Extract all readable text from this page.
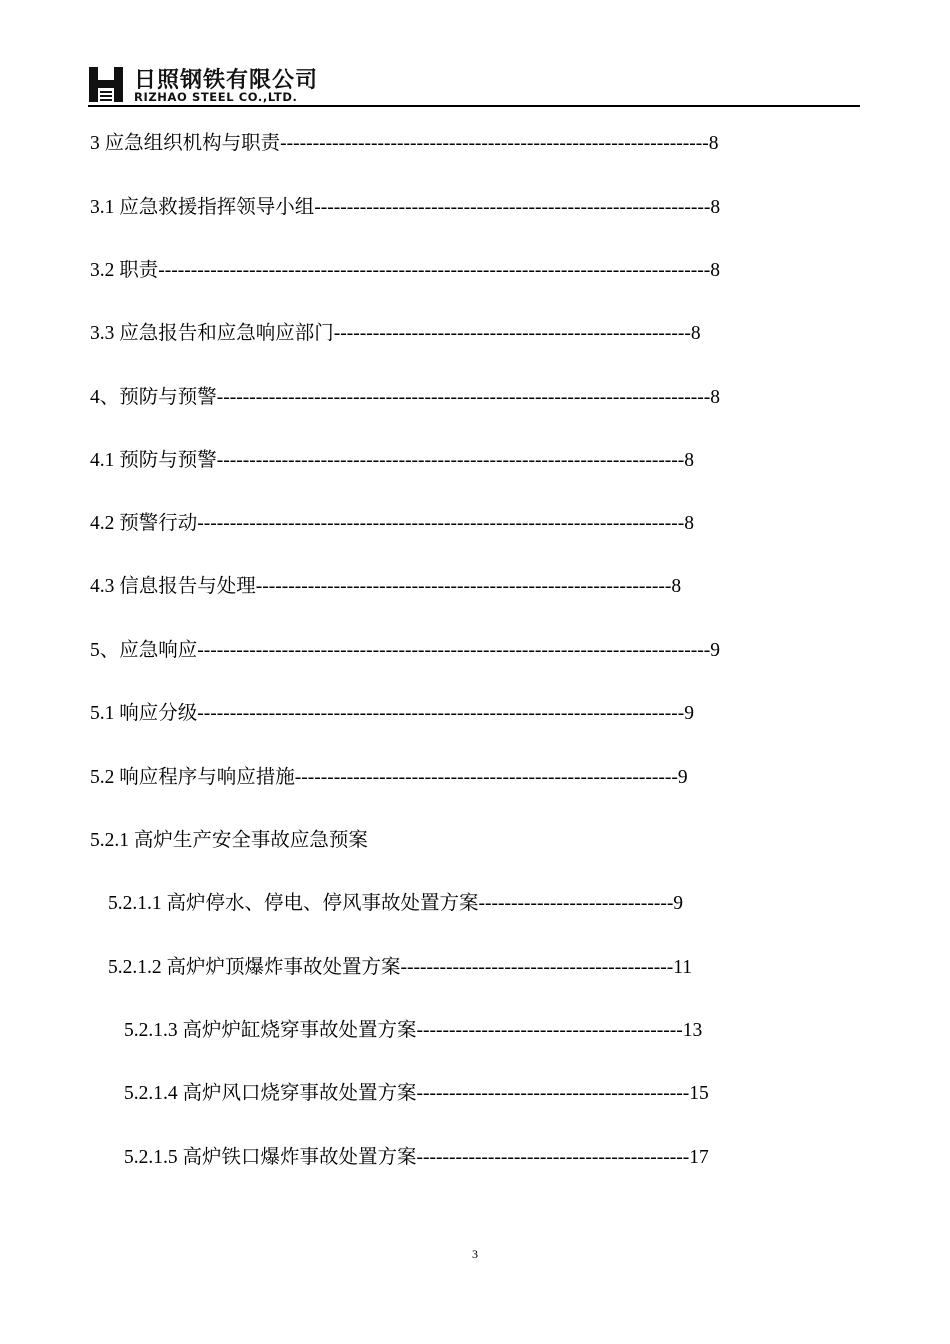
日照钢铁有限公司
RIZHAO STEEL CO.,LTD.
3 应急组织机构与职责------------------------------------------------------------------8
3.1 应急救援指挥领导小组-------------------------------------------------------------8
3.2 职责-------------------------------------------------------------------------------------8
3.3 应急报告和应急响应部门-------------------------------------------------------8
4、预防与预警----------------------------------------------------------------------------8
4.1 预防与预警------------------------------------------------------------------------8
4.2 预警行动---------------------------------------------------------------------------8
4.3 信息报告与处理----------------------------------------------------------------8
5、应急响应-------------------------------------------------------------------------------9
5.1 响应分级---------------------------------------------------------------------------9
5.2 响应程序与响应措施-----------------------------------------------------------9
5.2.1 高炉生产安全事故应急预案
5.2.1.1 高炉停水、停电、停风事故处置方案------------------------------9
5.2.1.2 高炉炉顶爆炸事故处置方案------------------------------------------11
5.2.1.3 高炉炉缸烧穿事故处置方案-----------------------------------------13
5.2.1.4 高炉风口烧穿事故处置方案------------------------------------------15
5.2.1.5 高炉铁口爆炸事故处置方案------------------------------------------17
3
